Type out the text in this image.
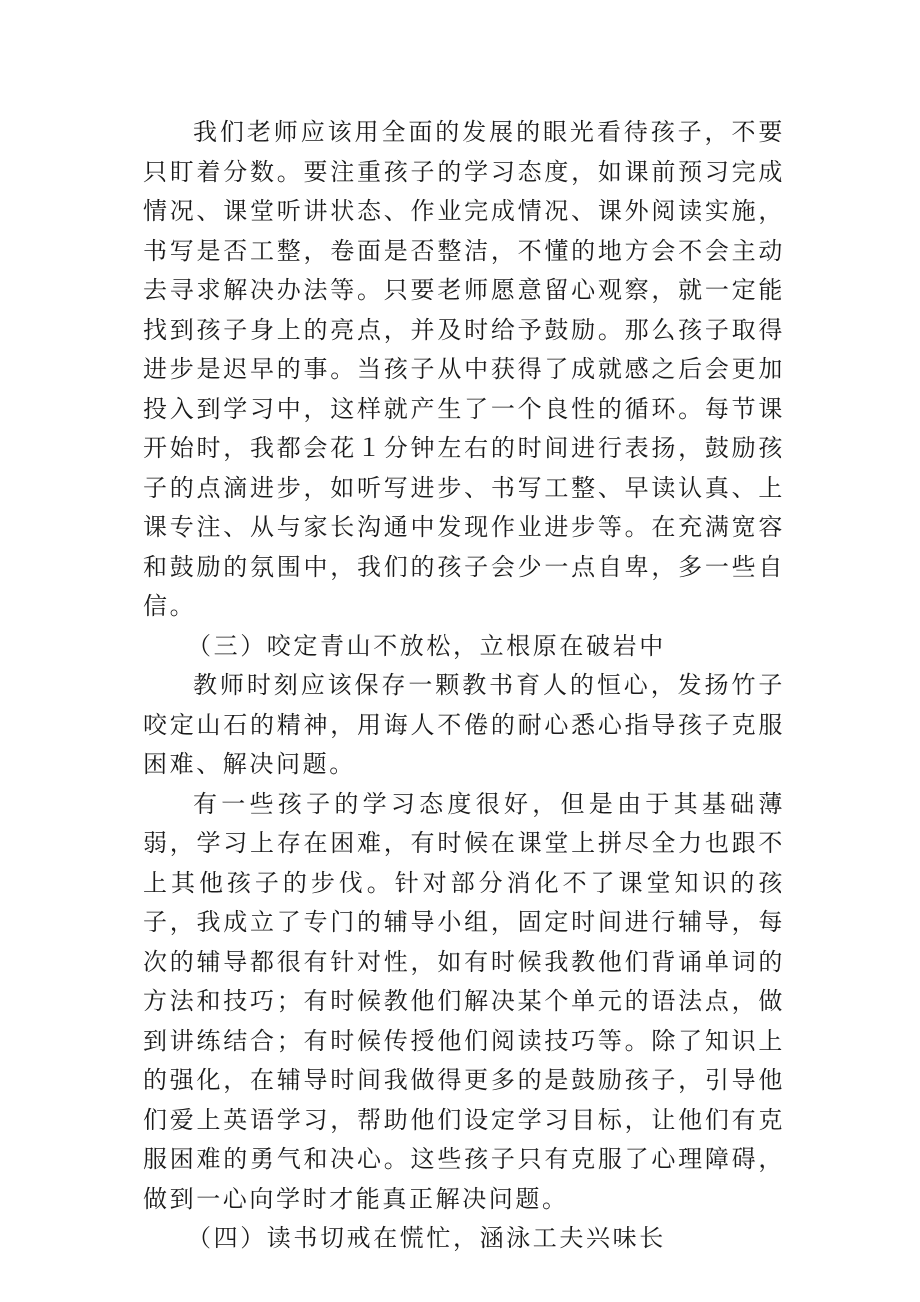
我们老师应该用全面的发展的眼光看待孩子，不要只盯着分数。要注重孩子的学习态度，如课前预习完成情况、课堂听讲状态、作业完成情况、课外阅读实施，书写是否工整，卷面是否整洁，不懂的地方会不会主动去寻求解决办法等。只要老师愿意留心观察，就一定能找到孩子身上的亮点，并及时给予鼓励。那么孩子取得进步是迟早的事。当孩子从中获得了成就感之后会更加投入到学习中，这样就产生了一个良性的循环。每节课开始时，我都会花１分钟左右的时间进行表扬，鼓励孩子的点滴进步，如听写进步、书写工整、早读认真、上课专注、从与家长沟通中发现作业进步等。在充满宽容和鼓励的氛围中，我们的孩子会少一点自卑，多一些自信。

（三）咬定青山不放松，立根原在破岩中

教师时刻应该保存一颗教书育人的恒心，发扬竹子咬定山石的精神，用诲人不倦的耐心悉心指导孩子克服困难、解决问题。

有一些孩子的学习态度很好，但是由于其基础薄弱，学习上存在困难，有时候在课堂上拼尽全力也跟不上其他孩子的步伐。针对部分消化不了课堂知识的孩子，我成立了专门的辅导小组，固定时间进行辅导，每次的辅导都很有针对性，如有时候我教他们背诵单词的方法和技巧；有时候教他们解决某个单元的语法点，做到讲练结合；有时候传授他们阅读技巧等。除了知识上的强化，在辅导时间我做得更多的是鼓励孩子，引导他们爱上英语学习，帮助他们设定学习目标，让他们有克服困难的勇气和决心。这些孩子只有克服了心理障碍，做到一心向学时才能真正解决问题。

（四）读书切戒在慌忙，涵泳工夫兴味长
